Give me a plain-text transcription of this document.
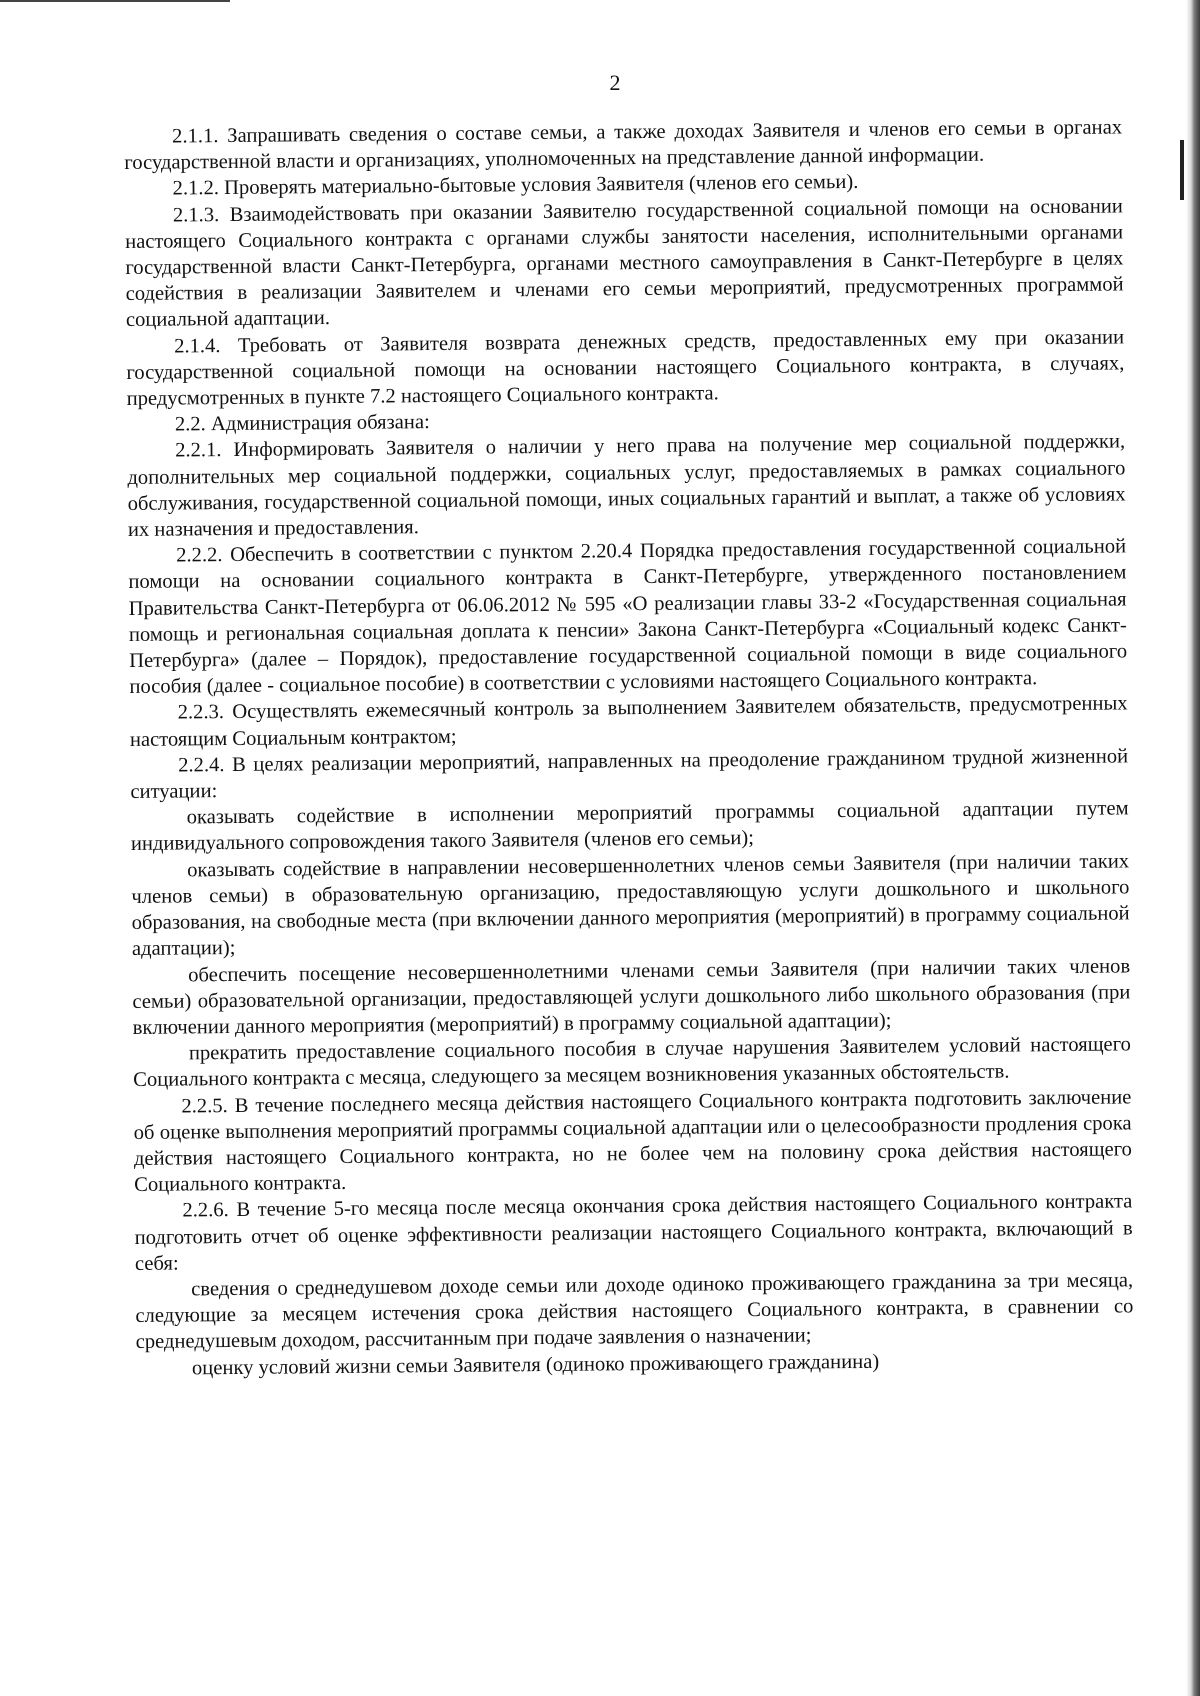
2

2.1.1. Запрашивать сведения о составе семьи, а также доходах Заявителя и членов его семьи в органах государственной власти и организациях, уполномоченных на представление данной информации.

2.1.2. Проверять материально-бытовые условия Заявителя (членов его семьи).

2.1.3. Взаимодействовать при оказании Заявителю государственной социальной помощи на основании настоящего Социального контракта с органами службы занятости населения, исполнительными органами государственной власти Санкт-Петербурга, органами местного самоуправления в Санкт-Петербурге в целях содействия в реализации Заявителем и членами его семьи мероприятий, предусмотренных программой социальной адаптации.

2.1.4. Требовать от Заявителя возврата денежных средств, предоставленных ему при оказании государственной социальной помощи на основании настоящего Социального контракта, в случаях, предусмотренных в пункте 7.2 настоящего Социального контракта.

2.2. Администрация обязана:

2.2.1. Информировать Заявителя о наличии у него права на получение мер социальной поддержки, дополнительных мер социальной поддержки, социальных услуг, предоставляемых в рамках социального обслуживания, государственной социальной помощи, иных социальных гарантий и выплат, а также об условиях их назначения и предоставления.

2.2.2. Обеспечить в соответствии с пунктом 2.20.4 Порядка предоставления государственной социальной помощи на основании социального контракта в Санкт-Петербурге, утвержденного постановлением Правительства Санкт-Петербурга от 06.06.2012 № 595 «О реализации главы 33-2 «Государственная социальная помощь и региональная социальная доплата к пенсии» Закона Санкт-Петербурга «Социальный кодекс Санкт-Петербурга» (далее – Порядок), предоставление государственной социальной помощи в виде социального пособия (далее - социальное пособие) в соответствии с условиями настоящего Социального контракта.

2.2.3. Осуществлять ежемесячный контроль за выполнением Заявителем обязательств, предусмотренных настоящим Социальным контрактом;

2.2.4. В целях реализации мероприятий, направленных на преодоление гражданином трудной жизненной ситуации:

оказывать содействие в исполнении мероприятий программы социальной адаптации путем индивидуального сопровождения такого Заявителя (членов его семьи);

оказывать содействие в направлении несовершеннолетних членов семьи Заявителя (при наличии таких членов семьи) в образовательную организацию, предоставляющую услуги дошкольного и школьного образования, на свободные места (при включении данного мероприятия (мероприятий) в программу социальной адаптации);

обеспечить посещение несовершеннолетними членами семьи Заявителя (при наличии таких членов семьи) образовательной организации, предоставляющей услуги дошкольного либо школьного образования (при включении данного мероприятия (мероприятий) в программу социальной адаптации);

прекратить предоставление социального пособия в случае нарушения Заявителем условий настоящего Социального контракта с месяца, следующего за месяцем возникновения указанных обстоятельств.

2.2.5. В течение последнего месяца действия настоящего Социального контракта подготовить заключение об оценке выполнения мероприятий программы социальной адаптации или о целесообразности продления срока действия настоящего Социального контракта, но не более чем на половину срока действия настоящего Социального контракта.

2.2.6. В течение 5-го месяца после месяца окончания срока действия настоящего Социального контракта подготовить отчет об оценке эффективности реализации настоящего Социального контракта, включающий в себя:

сведения о среднедушевом доходе семьи или доходе одиноко проживающего гражданина за три месяца, следующие за месяцем истечения срока действия настоящего Социального контракта, в сравнении со среднедушевым доходом, рассчитанным при подаче заявления о назначении;

оценку условий жизни семьи Заявителя (одиноко проживающего гражданина)
